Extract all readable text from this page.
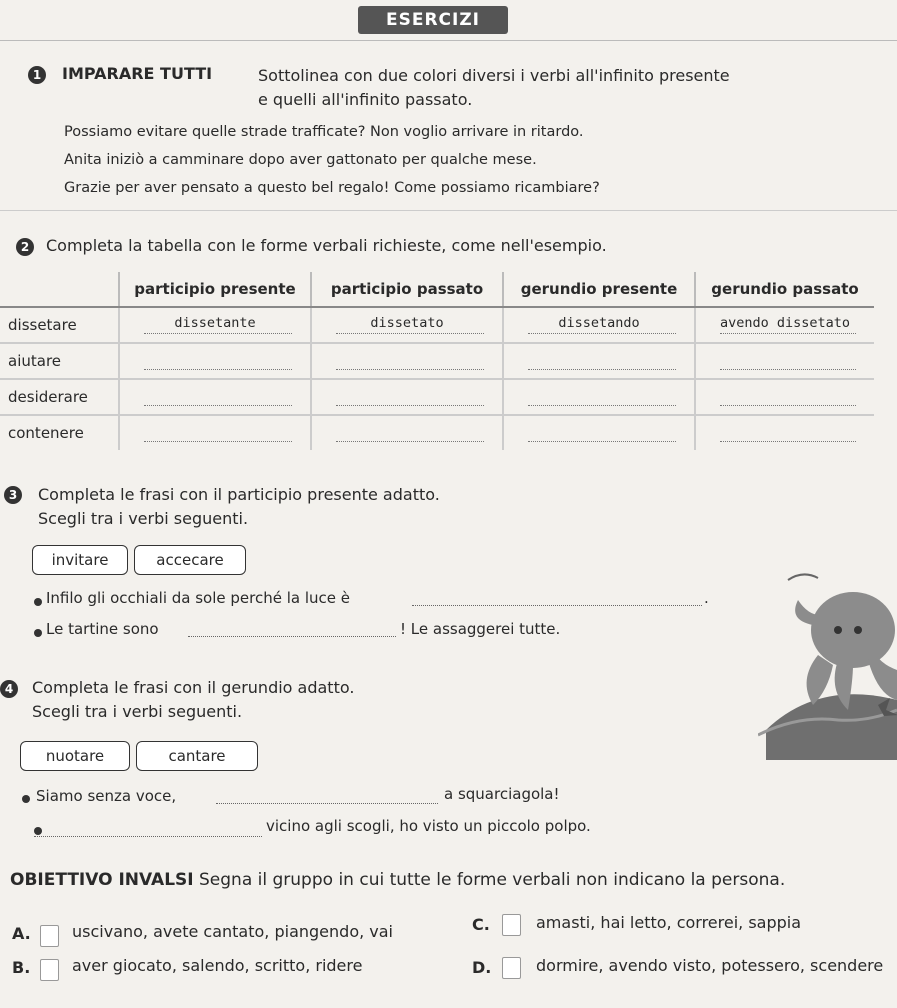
ESERCIZI
1	IMPARARE TUTTI	Sottolinea con due colori diversi i verbi all'infinito presente
e quelli all'infinito passato.
Possiamo evitare quelle strade trafficate? Non voglio arrivare in ritardo.
Anita iniziò a camminare dopo aver gattonato per qualche mese.
Grazie per aver pensato a questo bel regalo! Come possiamo ricambiare?
2	Completa la tabella con le forme verbali richieste, come nell'esempio.
	participio presente	participio passato	gerundio presente	gerundio passato
dissetare	dissetante	dissetato	dissetando	avendo dissetato

aiutare	

desiderare	

contenere	

3	Completa le frasi con il participio presente adatto.
Scegli tra i verbi seguenti.
invitare	accecare
Infilo gli occhiali da sole perché la luce è	.
Le tartine sono	! Le assaggerei tutte.
4	Completa le frasi con il gerundio adatto.
Scegli tra i verbi seguenti.
nuotare	cantare
Siamo senza voce,	a squarciagola!
vicino agli scogli, ho visto un piccolo polpo.
OBIETTIVO INVALSI Segna il gruppo in cui tutte le forme verbali non indicano la persona.
A.	uscivano, avete cantato, piangendo, vai
B.	aver giocato, salendo, scritto, ridere
C.	amasti, hai letto, correrei, sappia
D.	dormire, avendo visto, potessero, scendere
